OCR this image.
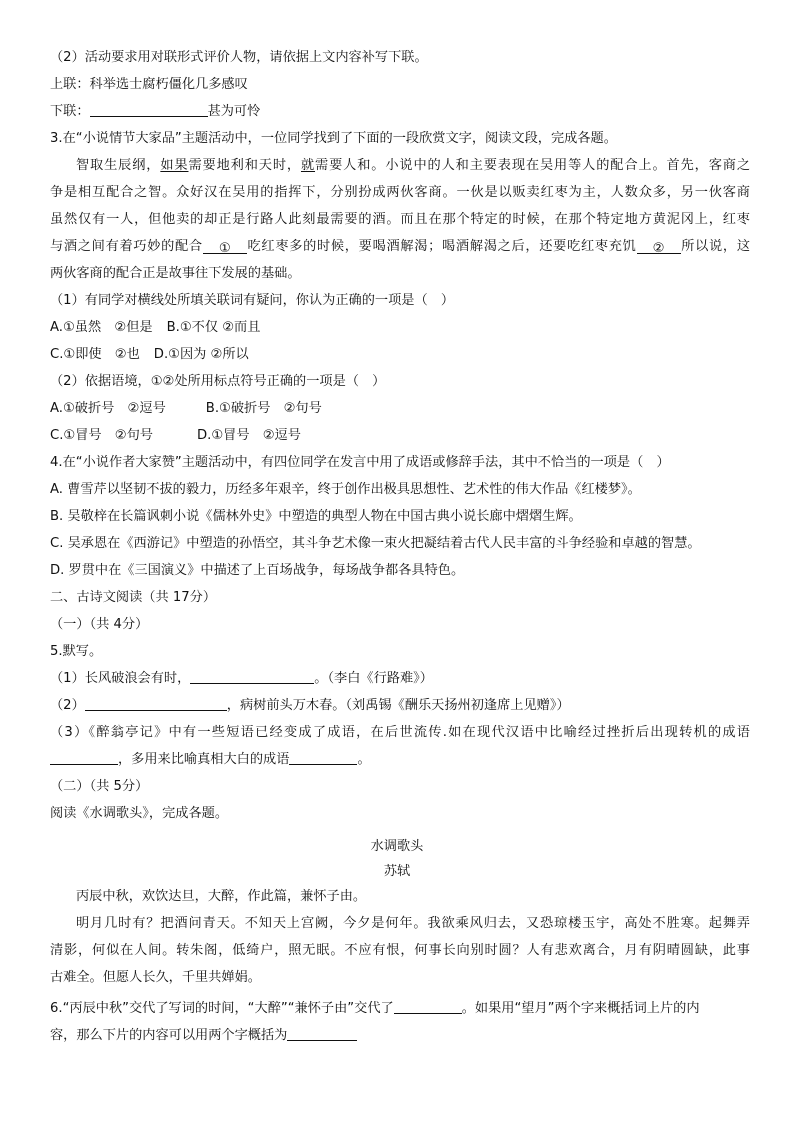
（2）活动要求用对联形式评价人物，请依据上文内容补写下联。
上联：科举选士腐朽僵化几多感叹
下联：	甚为可怜
3.在“小说情节大家品”主题活动中，一位同学找到了下面的一段欣赏文字，阅读文段，完成各题。
智取生辰纲，如果需要地利和天时，就需要人和。小说中的人和主要表现在吴用等人的配合上。首先，客商之
争是相互配合之智。众好汉在吴用的指挥下，分别扮成两伙客商。一伙是以贩卖红枣为主，人数众多，另一伙客商
虽然仅有一人，但他卖的却正是行路人此刻最需要的酒。而且在那个特定的时候，在那个特定地方黄泥冈上，红枣
与酒之间有着巧妙的配合 ① 吃红枣多的时候，要喝酒解渴；喝酒解渴之后，还要吃红枣充饥 ② 所以说，这
两伙客商的配合正是故事往下发展的基础。
（1）有同学对横线处所填关联词有疑问，你认为正确的一项是（　）
A.①虽然　②但是 B.①不仅 ②而且
C.①即使　②也 D.①因为 ②所以
（2）依据语境，①②处所用标点符号正确的一项是（　）
A.①破折号　②逗号	B.①破折号　②句号
C.①冒号　②句号	D.①冒号　②逗号
4.在“小说作者大家赞”主题活动中，有四位同学在发言中用了成语或修辞手法，其中不恰当的一项是（　）
A. 曹雪芹以坚韧不拔的毅力，历经多年艰辛，终于创作出极具思想性、艺术性的伟大作品《红楼梦》。
B. 吴敬梓在长篇讽刺小说《儒林外史》中塑造的典型人物在中国古典小说长廊中熠熠生辉。
C. 吴承恩在《西游记》中塑造的孙悟空，其斗争艺术像一束火把凝结着古代人民丰富的斗争经验和卓越的智慧。
D. 罗贯中在《三国演义》中描述了上百场战争，每场战争都各具特色。
二、古诗文阅读（共 17分）
（一）（共 4分）
5.默写。
（1）长风破浪会有时，	。（李白《行路难》）
（2）	，病树前头万木春。（刘禹锡《酬乐天扬州初逢席上见赠》）
（3）《醉翁亭记》中有一些短语已经变成了成语，在后世流传.如在现代汉语中比喻经过挫折后出现转机的成语
，多用来比喻真相大白的成语	。
（二）（共 5分）
阅读《水调歌头》，完成各题。
水调歌头
苏轼
丙辰中秋，欢饮达旦，大醉，作此篇，兼怀子由。
明月几时有？把酒问青天。不知天上宫阙，今夕是何年。我欲乘风归去，又恐琼楼玉宇，高处不胜寒。起舞弄
清影，何似在人间。转朱阁，低绮户，照无眠。不应有恨，何事长向别时圆？人有悲欢离合，月有阴晴圆缺，此事
古难全。但愿人长久，千里共婵娟。
6.“丙辰中秋”交代了写词的时间，“大醉”“兼怀子由”交代了	。如果用“望月”两个字来概括词上片的内
容，那么下片的内容可以用两个字概括为
